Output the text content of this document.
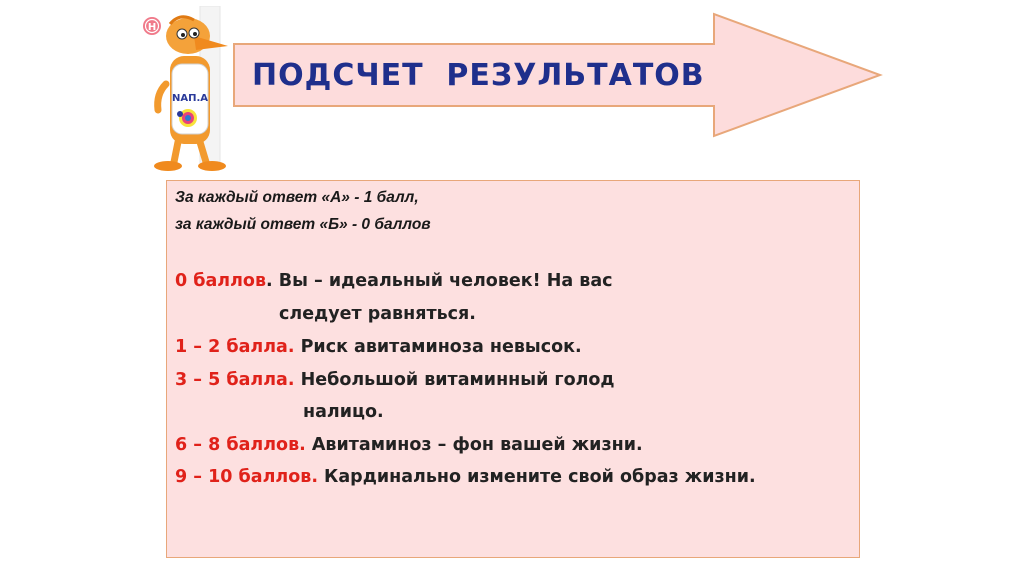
Н
NAП.А
ПОДСЧЕТ  РЕЗУЛЬТАТОВ
За каждый ответ «А» - 1 балл,
за каждый ответ «Б» - 0 баллов
0 баллов. Вы – идеальный человек! На вас
следует равняться.
1 – 2 балла. Риск авитаминоза невысок.
3 – 5 балла. Небольшой витаминный голод
налицо.
6 – 8 баллов. Авитаминоз – фон вашей жизни.
9 – 10 баллов. Кардинально измените свой образ жизни.
